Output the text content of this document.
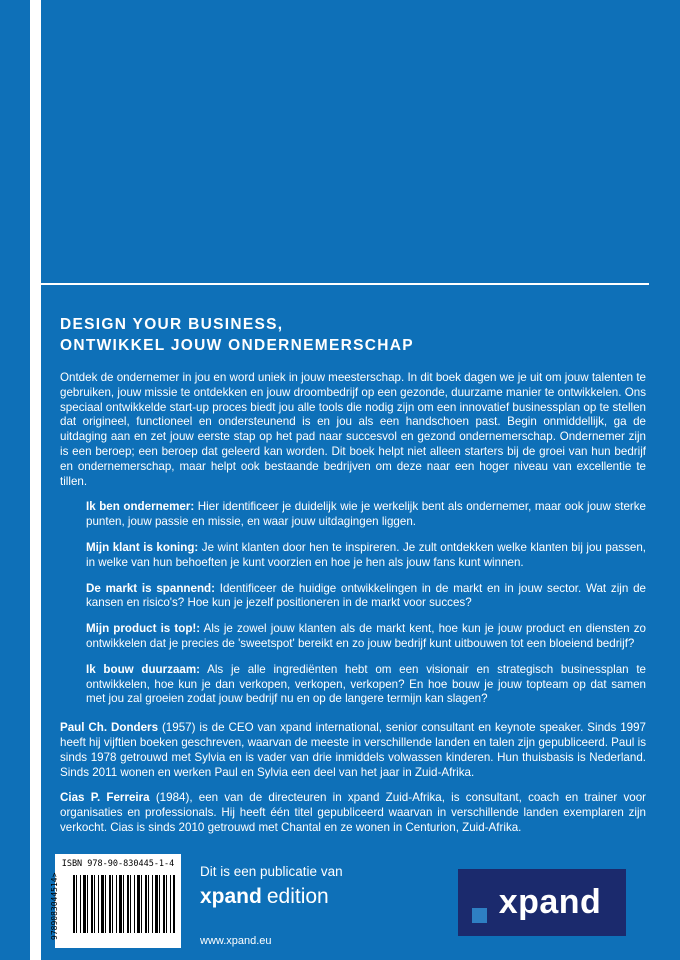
DESIGN YOUR BUSINESS,
ONTWIKKEL JOUW ONDERNEMERSCHAP

Ontdek de ondernemer in jou en word uniek in jouw meesterschap. In dit boek dagen we je uit om jouw talenten te gebruiken, jouw missie te ontdekken en jouw droombedrijf op een gezonde, duurzame manier te ontwikkelen. Ons speciaal ontwikkelde start-up proces biedt jou alle tools die nodig zijn om een innovatief businessplan op te stellen dat origineel, functioneel en ondersteunend is en jou als een handschoen past. Begin onmiddellijk, ga de uitdaging aan en zet jouw eerste stap op het pad naar succesvol en gezond ondernemerschap. Ondernemer zijn is een beroep; een beroep dat geleerd kan worden. Dit boek helpt niet alleen starters bij de groei van hun bedrijf en ondernemerschap, maar helpt ook bestaande bedrijven om deze naar een hoger niveau van excellentie te tillen.

Ik ben ondernemer: Hier identificeer je duidelijk wie je werkelijk bent als ondernemer, maar ook jouw sterke punten, jouw passie en missie, en waar jouw uitdagingen liggen.
Mijn klant is koning: Je wint klanten door hen te inspireren. Je zult ontdekken welke klanten bij jou passen, in welke van hun behoeften je kunt voorzien en hoe je hen als jouw fans kunt winnen.
De markt is spannend: Identificeer de huidige ontwikkelingen in de markt en in jouw sector. Wat zijn de kansen en risico's? Hoe kun je jezelf positioneren in de markt voor succes?
Mijn product is top!: Als je zowel jouw klanten als de markt kent, hoe kun je jouw product en diensten zo ontwikkelen dat je precies de 'sweetspot' bereikt en zo jouw bedrijf kunt uitbouwen tot een bloeiend bedrijf?
Ik bouw duurzaam: Als je alle ingrediënten hebt om een visionair en strategisch businessplan te ontwikkelen, hoe kun je dan verkopen, verkopen, verkopen? En hoe bouw je jouw topteam op dat samen met jou zal groeien zodat jouw bedrijf nu en op de langere termijn kan slagen?
Paul Ch. Donders (1957) is de CEO van xpand international, senior consultant en keynote speaker. Sinds 1997 heeft hij vijftien boeken geschreven, waarvan de meeste in verschillende landen en talen zijn gepubliceerd. Paul is sinds 1978 getrouwd met Sylvia en is vader van drie inmiddels volwassen kinderen. Hun thuisbasis is Nederland. Sinds 2011 wonen en werken Paul en Sylvia een deel van het jaar in Zuid-Afrika.
Cias P. Ferreira (1984), een van de directeuren in xpand Zuid-Afrika, is consultant, coach en trainer voor organisaties en professionals. Hij heeft één titel gepubliceerd waarvan in verschillende landen exemplaren zijn verkocht. Cias is sinds 2010 getrouwd met Chantal en ze wonen in Centurion, Zuid-Afrika.
ISBN 978-90-830445-1-4
9789083044514>
Dit is een publicatie van
xpand edition
www.xpand.eu
xpand
